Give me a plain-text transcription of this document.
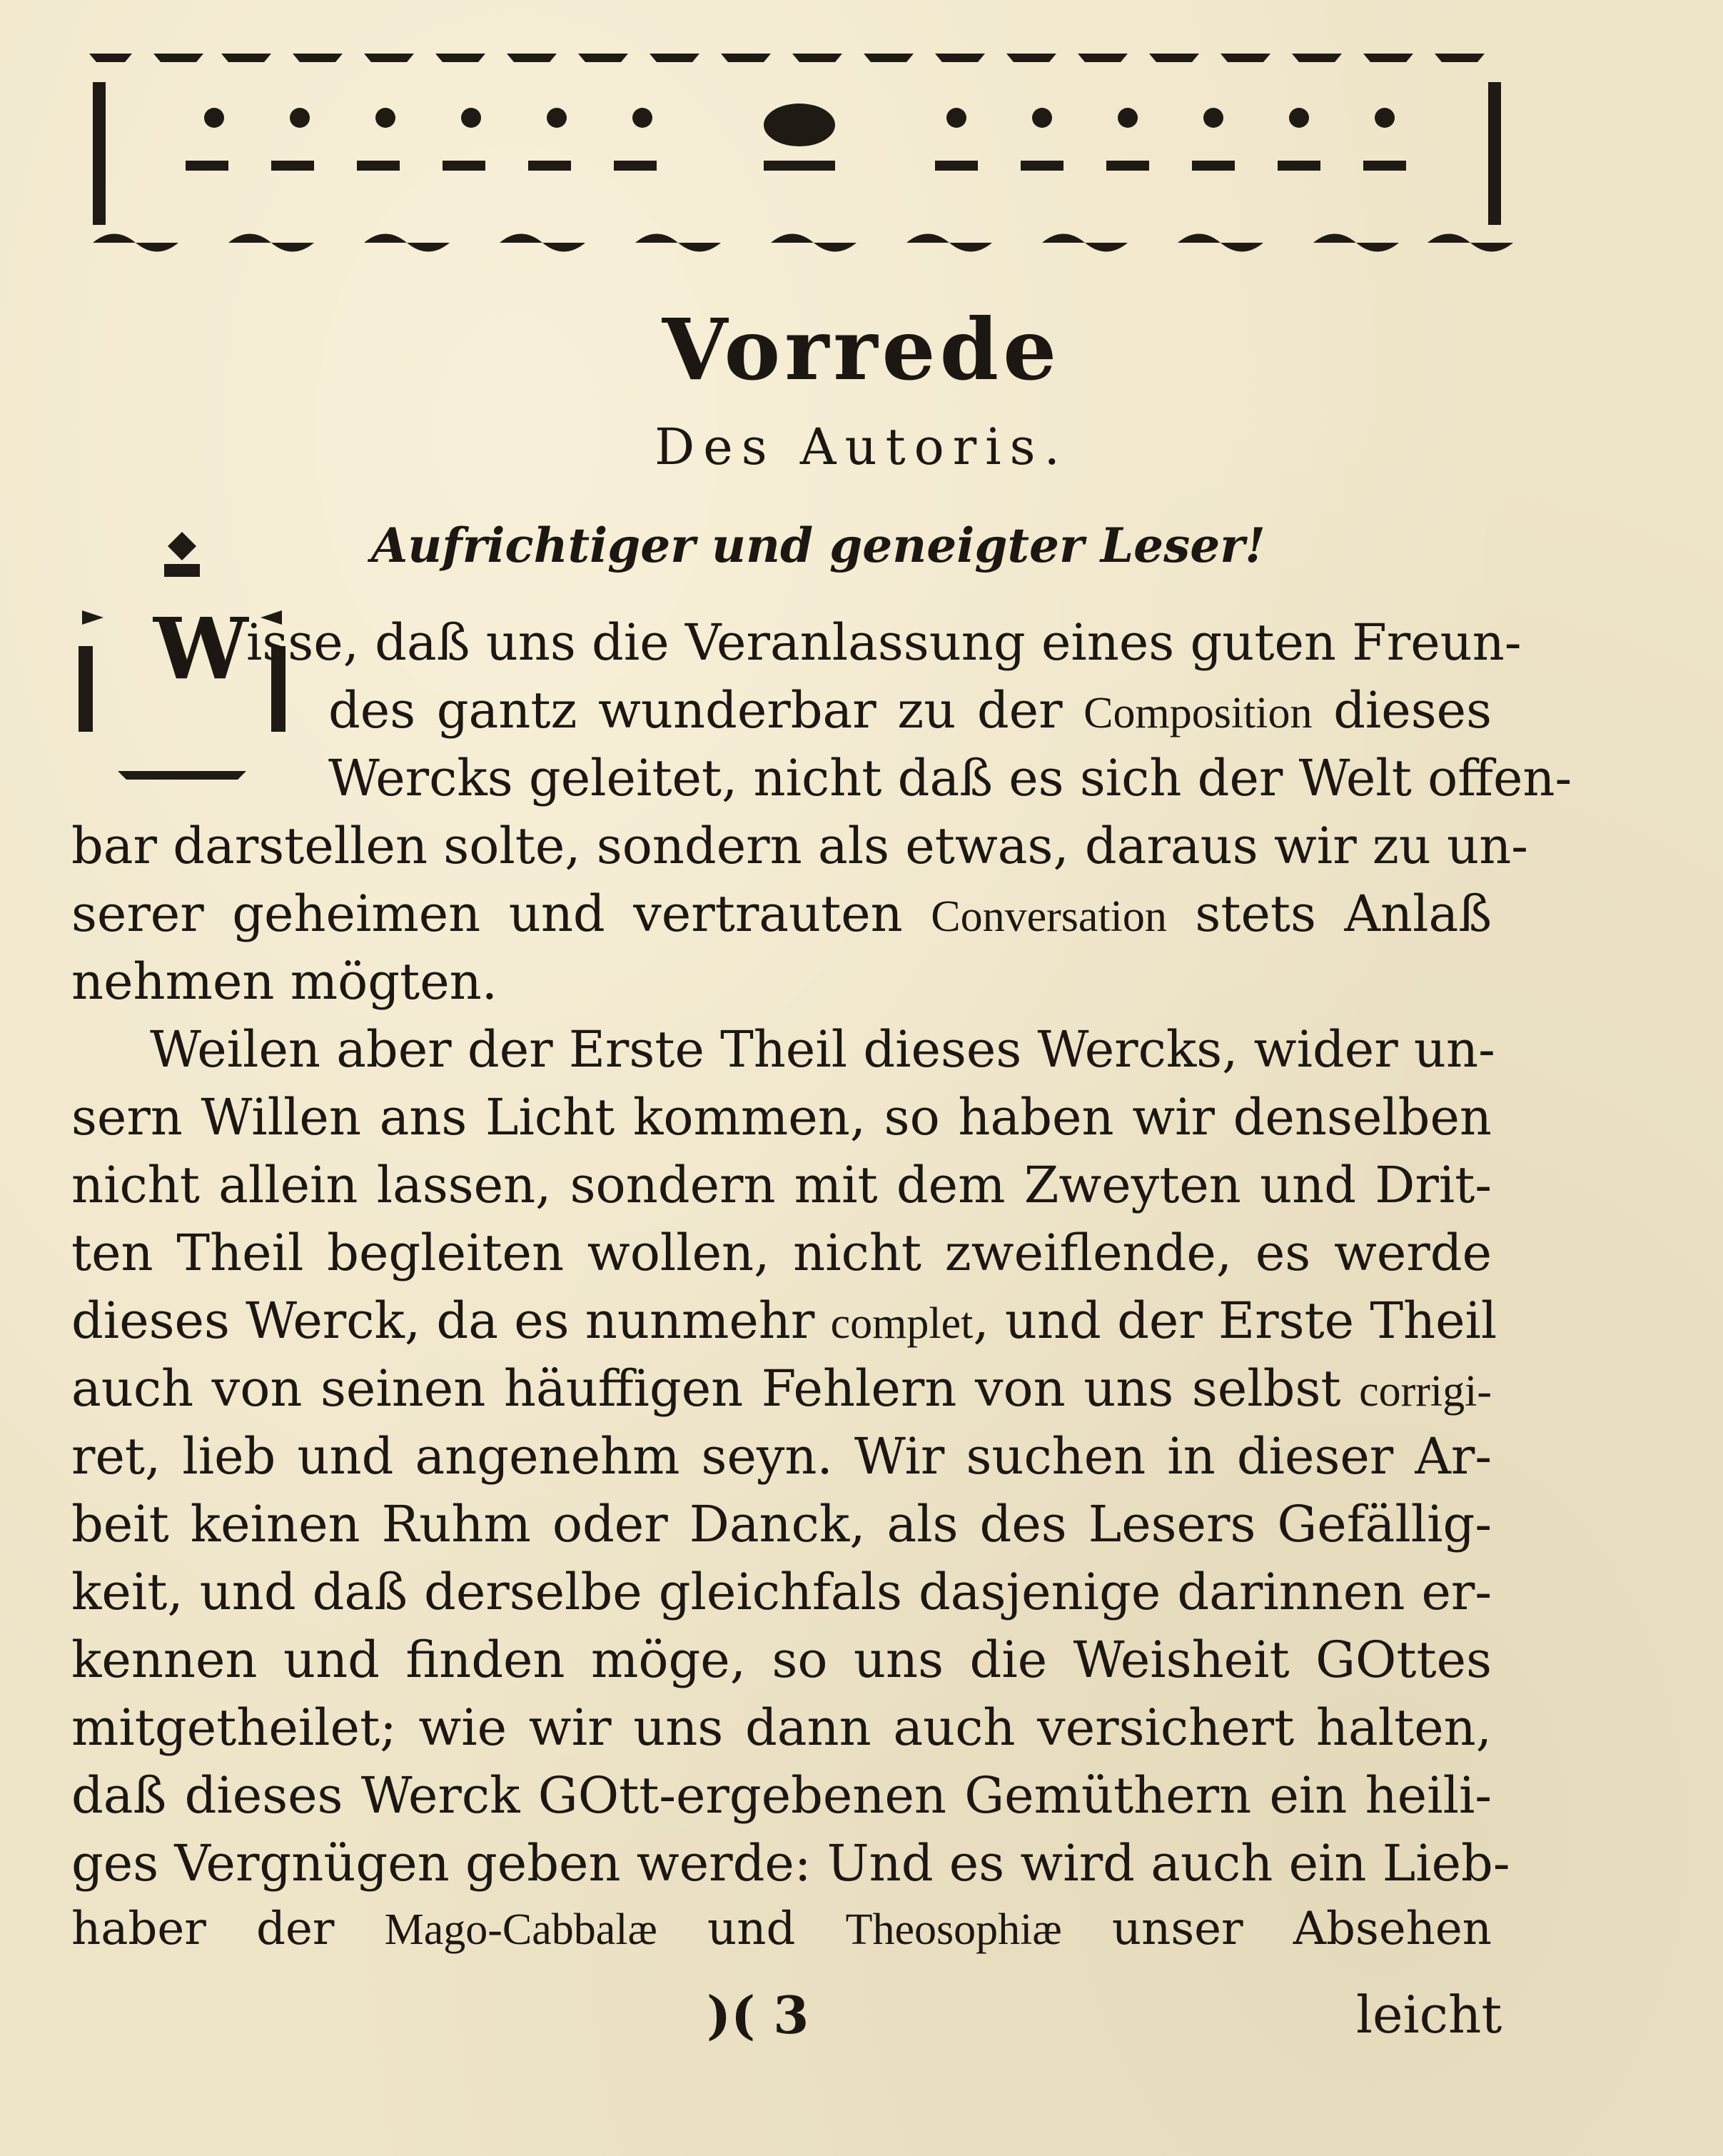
Vorrede
Des Autoris.
Aufrichtiger und geneigter Leser!
W
isse, daß uns die Veranlassung eines guten Freun-
des gantz wunderbar zu der Composition dieses
Wercks geleitet, nicht daß es sich der Welt offen-
bar darstellen solte, sondern als etwas, daraus wir zu un-
serer geheimen und vertrauten Conversation stets Anlaß
nehmen mögten.
Weilen aber der Erste Theil dieses Wercks, wider un-
sern Willen ans Licht kommen, so haben wir denselben
nicht allein lassen, sondern mit dem Zweyten und Drit-
ten Theil begleiten wollen, nicht zweiflende, es werde
dieses Werck, da es nunmehr complet, und der Erste Theil
auch von seinen häuffigen Fehlern von uns selbst corrigi-
ret, lieb und angenehm seyn. Wir suchen in dieser Ar-
beit keinen Ruhm oder Danck, als des Lesers Gefällig-
keit, und daß derselbe gleichfals dasjenige darinnen er-
kennen und finden möge, so uns die Weisheit GOttes
mitgetheilet; wie wir uns dann auch versichert halten,
daß dieses Werck GOtt-ergebenen Gemüthern ein heili-
ges Vergnügen geben werde: Und es wird auch ein Lieb-
haber der Mago-Cabbalæ und Theosophiæ unser Absehen
)( 3	leicht
